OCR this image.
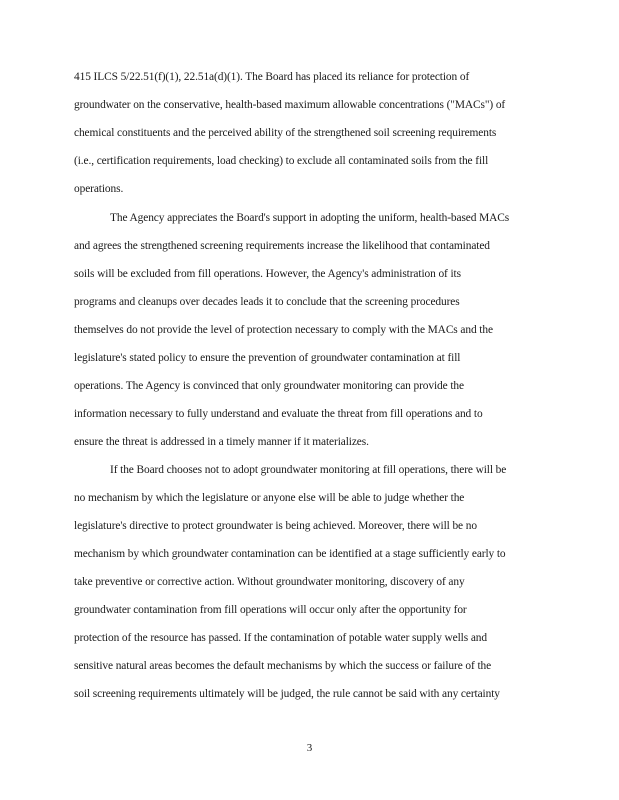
415 ILCS 5/22.51(f)(1), 22.51a(d)(1). The Board has placed its reliance for protection of
groundwater on the conservative, health-based maximum allowable concentrations ("MACs") of
chemical constituents and the perceived ability of the strengthened soil screening requirements
(i.e., certification requirements, load checking) to exclude all contaminated soils from the fill
operations.
The Agency appreciates the Board's support in adopting the uniform, health-based MACs
and agrees the strengthened screening requirements increase the likelihood that contaminated
soils will be excluded from fill operations. However, the Agency's administration of its
programs and cleanups over decades leads it to conclude that the screening procedures
themselves do not provide the level of protection necessary to comply with the MACs and the
legislature's stated policy to ensure the prevention of groundwater contamination at fill
operations. The Agency is convinced that only groundwater monitoring can provide the
information necessary to fully understand and evaluate the threat from fill operations and to
ensure the threat is addressed in a timely manner if it materializes.
If the Board chooses not to adopt groundwater monitoring at fill operations, there will be
no mechanism by which the legislature or anyone else will be able to judge whether the
legislature's directive to protect groundwater is being achieved. Moreover, there will be no
mechanism by which groundwater contamination can be identified at a stage sufficiently early to
take preventive or corrective action. Without groundwater monitoring, discovery of any
groundwater contamination from fill operations will occur only after the opportunity for
protection of the resource has passed. If the contamination of potable water supply wells and
sensitive natural areas becomes the default mechanisms by which the success or failure of the
soil screening requirements ultimately will be judged, the rule cannot be said with any certainty
3
